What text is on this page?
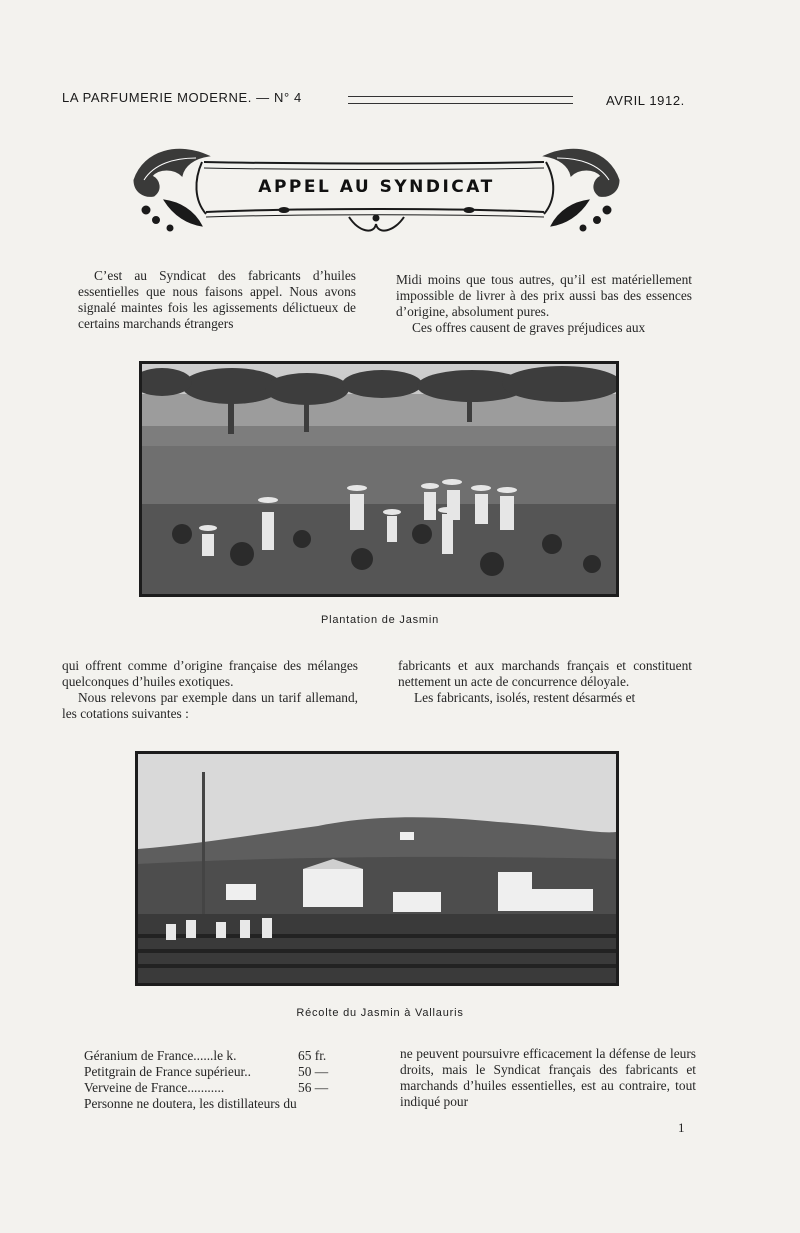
LA PARFUMERIE MODERNE. — N° 4	AVRIL 1912.
APPEL AU SYNDICAT

C’est au Syndicat des fabricants d’huiles essentielles que nous faisons appel. Nous avons signalé maintes fois les agissements délictueux de certains marchands étrangers

Midi moins que tous autres, qu’il est matériellement impossible de livrer à des prix aussi bas des essences d’origine, absolument pures.

Ces offres causent de graves préjudices aux

Plantation de Jasmin

qui offrent comme d’origine française des mélanges quelconques d’huiles exotiques.

Nous relevons par exemple dans un tarif allemand, les cotations suivantes :

fabricants et aux marchands français et constituent nettement un acte de concurrence déloyale.

Les fabricants, isolés, restent désarmés et

Récolte du Jasmin à Vallauris
Géranium de France......le k.	65 fr.
Petitgrain de France supérieur..	50 —
Verveine de France...........	56 —

Personne ne doutera, les distillateurs du

ne peuvent poursuivre efficacement la défense de leurs droits, mais le Syndicat français des fabricants et marchands d’huiles essentielles, est au contraire, tout indiqué pour

1
